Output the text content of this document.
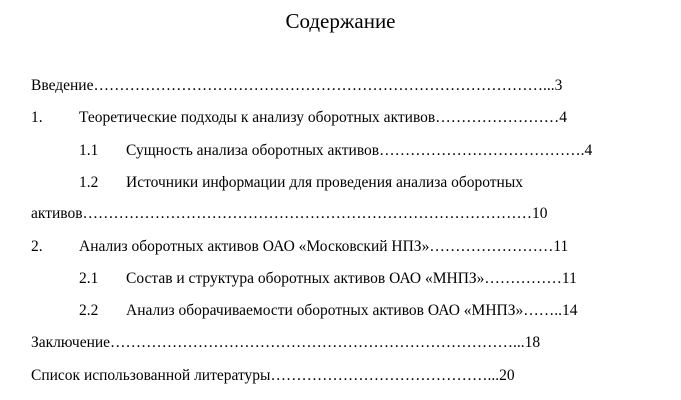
Содержание
Введение……………………………………………………………………………...3
1. Теоретические подходы к анализу оборотных активов……………………4
1.1 Сущность анализа оборотных активов………………………………….4
1.2 Источники информации для проведения анализа оборотных
активов……………………………………………………………………………10
2. Анализ оборотных активов ОАО «Московский НПЗ»……………………11
2.1 Состав и структура оборотных активов ОАО «МНПЗ»……………11
2.2 Анализ оборачиваемости оборотных активов ОАО «МНПЗ»……..14
Заключение……………………………………………………………………...18
Список использованной литературы……………………………………...20
